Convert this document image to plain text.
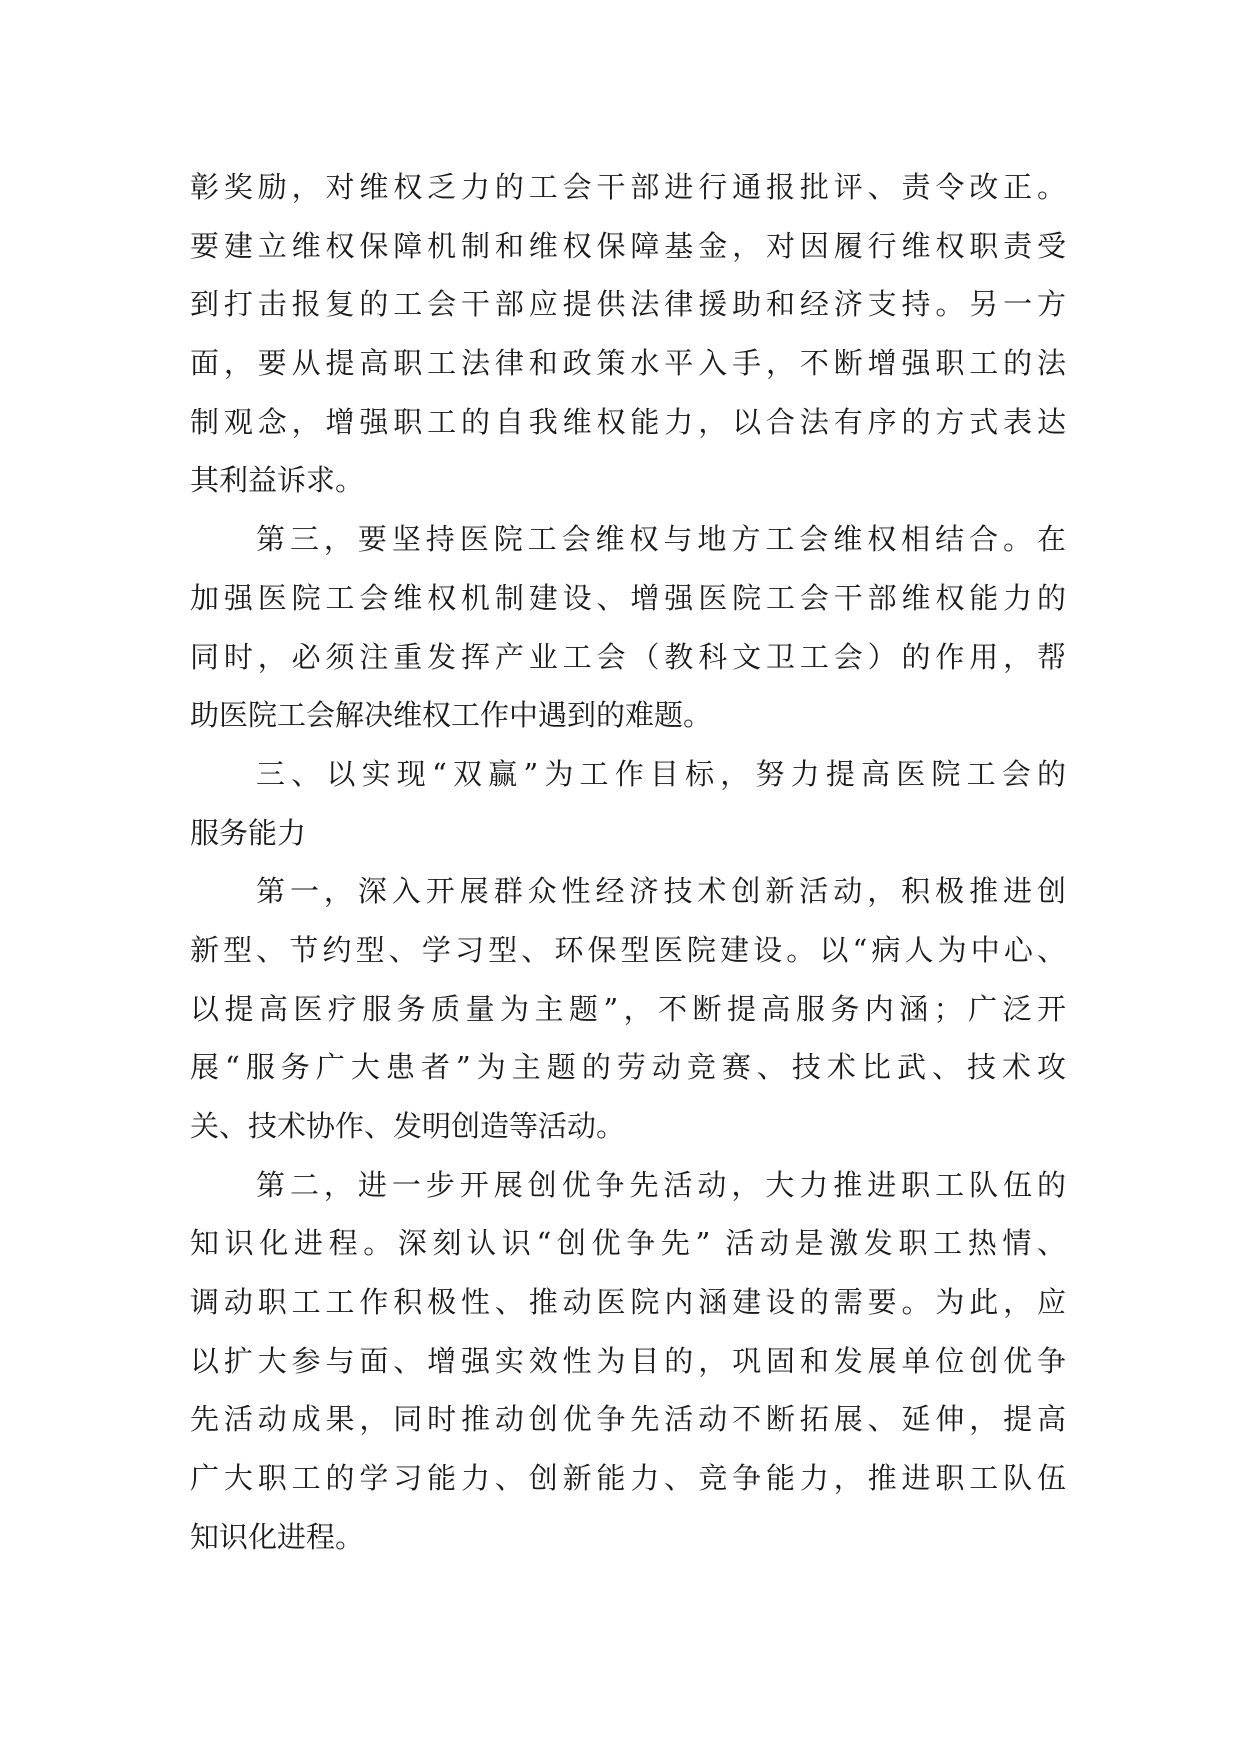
彰奖励，对维权乏力的工会干部进行通报批评、责令改正。
要建立维权保障机制和维权保障基金，对因履行维权职责受
到打击报复的工会干部应提供法律援助和经济支持。另一方
面，要从提高职工法律和政策水平入手，不断增强职工的法
制观念，增强职工的自我维权能力，以合法有序的方式表达
其利益诉求。
第三，要坚持医院工会维权与地方工会维权相结合。在
加强医院工会维权机制建设、增强医院工会干部维权能力的
同时，必须注重发挥产业工会（教科文卫工会）的作用，帮
助医院工会解决维权工作中遇到的难题。
三、以实现“双赢”为工作目标，努力提高医院工会的
服务能力
第一，深入开展群众性经济技术创新活动，积极推进创
新型、节约型、学习型、环保型医院建设。以“病人为中心、
以提高医疗服务质量为主题”，不断提高服务内涵；广泛开
展“服务广大患者”为主题的劳动竞赛、技术比武、技术攻
关、技术协作、发明创造等活动。
第二，进一步开展创优争先活动，大力推进职工队伍的
知识化进程。深刻认识“创优争先” 活动是激发职工热情、
调动职工工作积极性、推动医院内涵建设的需要。为此，应
以扩大参与面、增强实效性为目的，巩固和发展单位创优争
先活动成果，同时推动创优争先活动不断拓展、延伸，提高
广大职工的学习能力、创新能力、竞争能力，推进职工队伍
知识化进程。
